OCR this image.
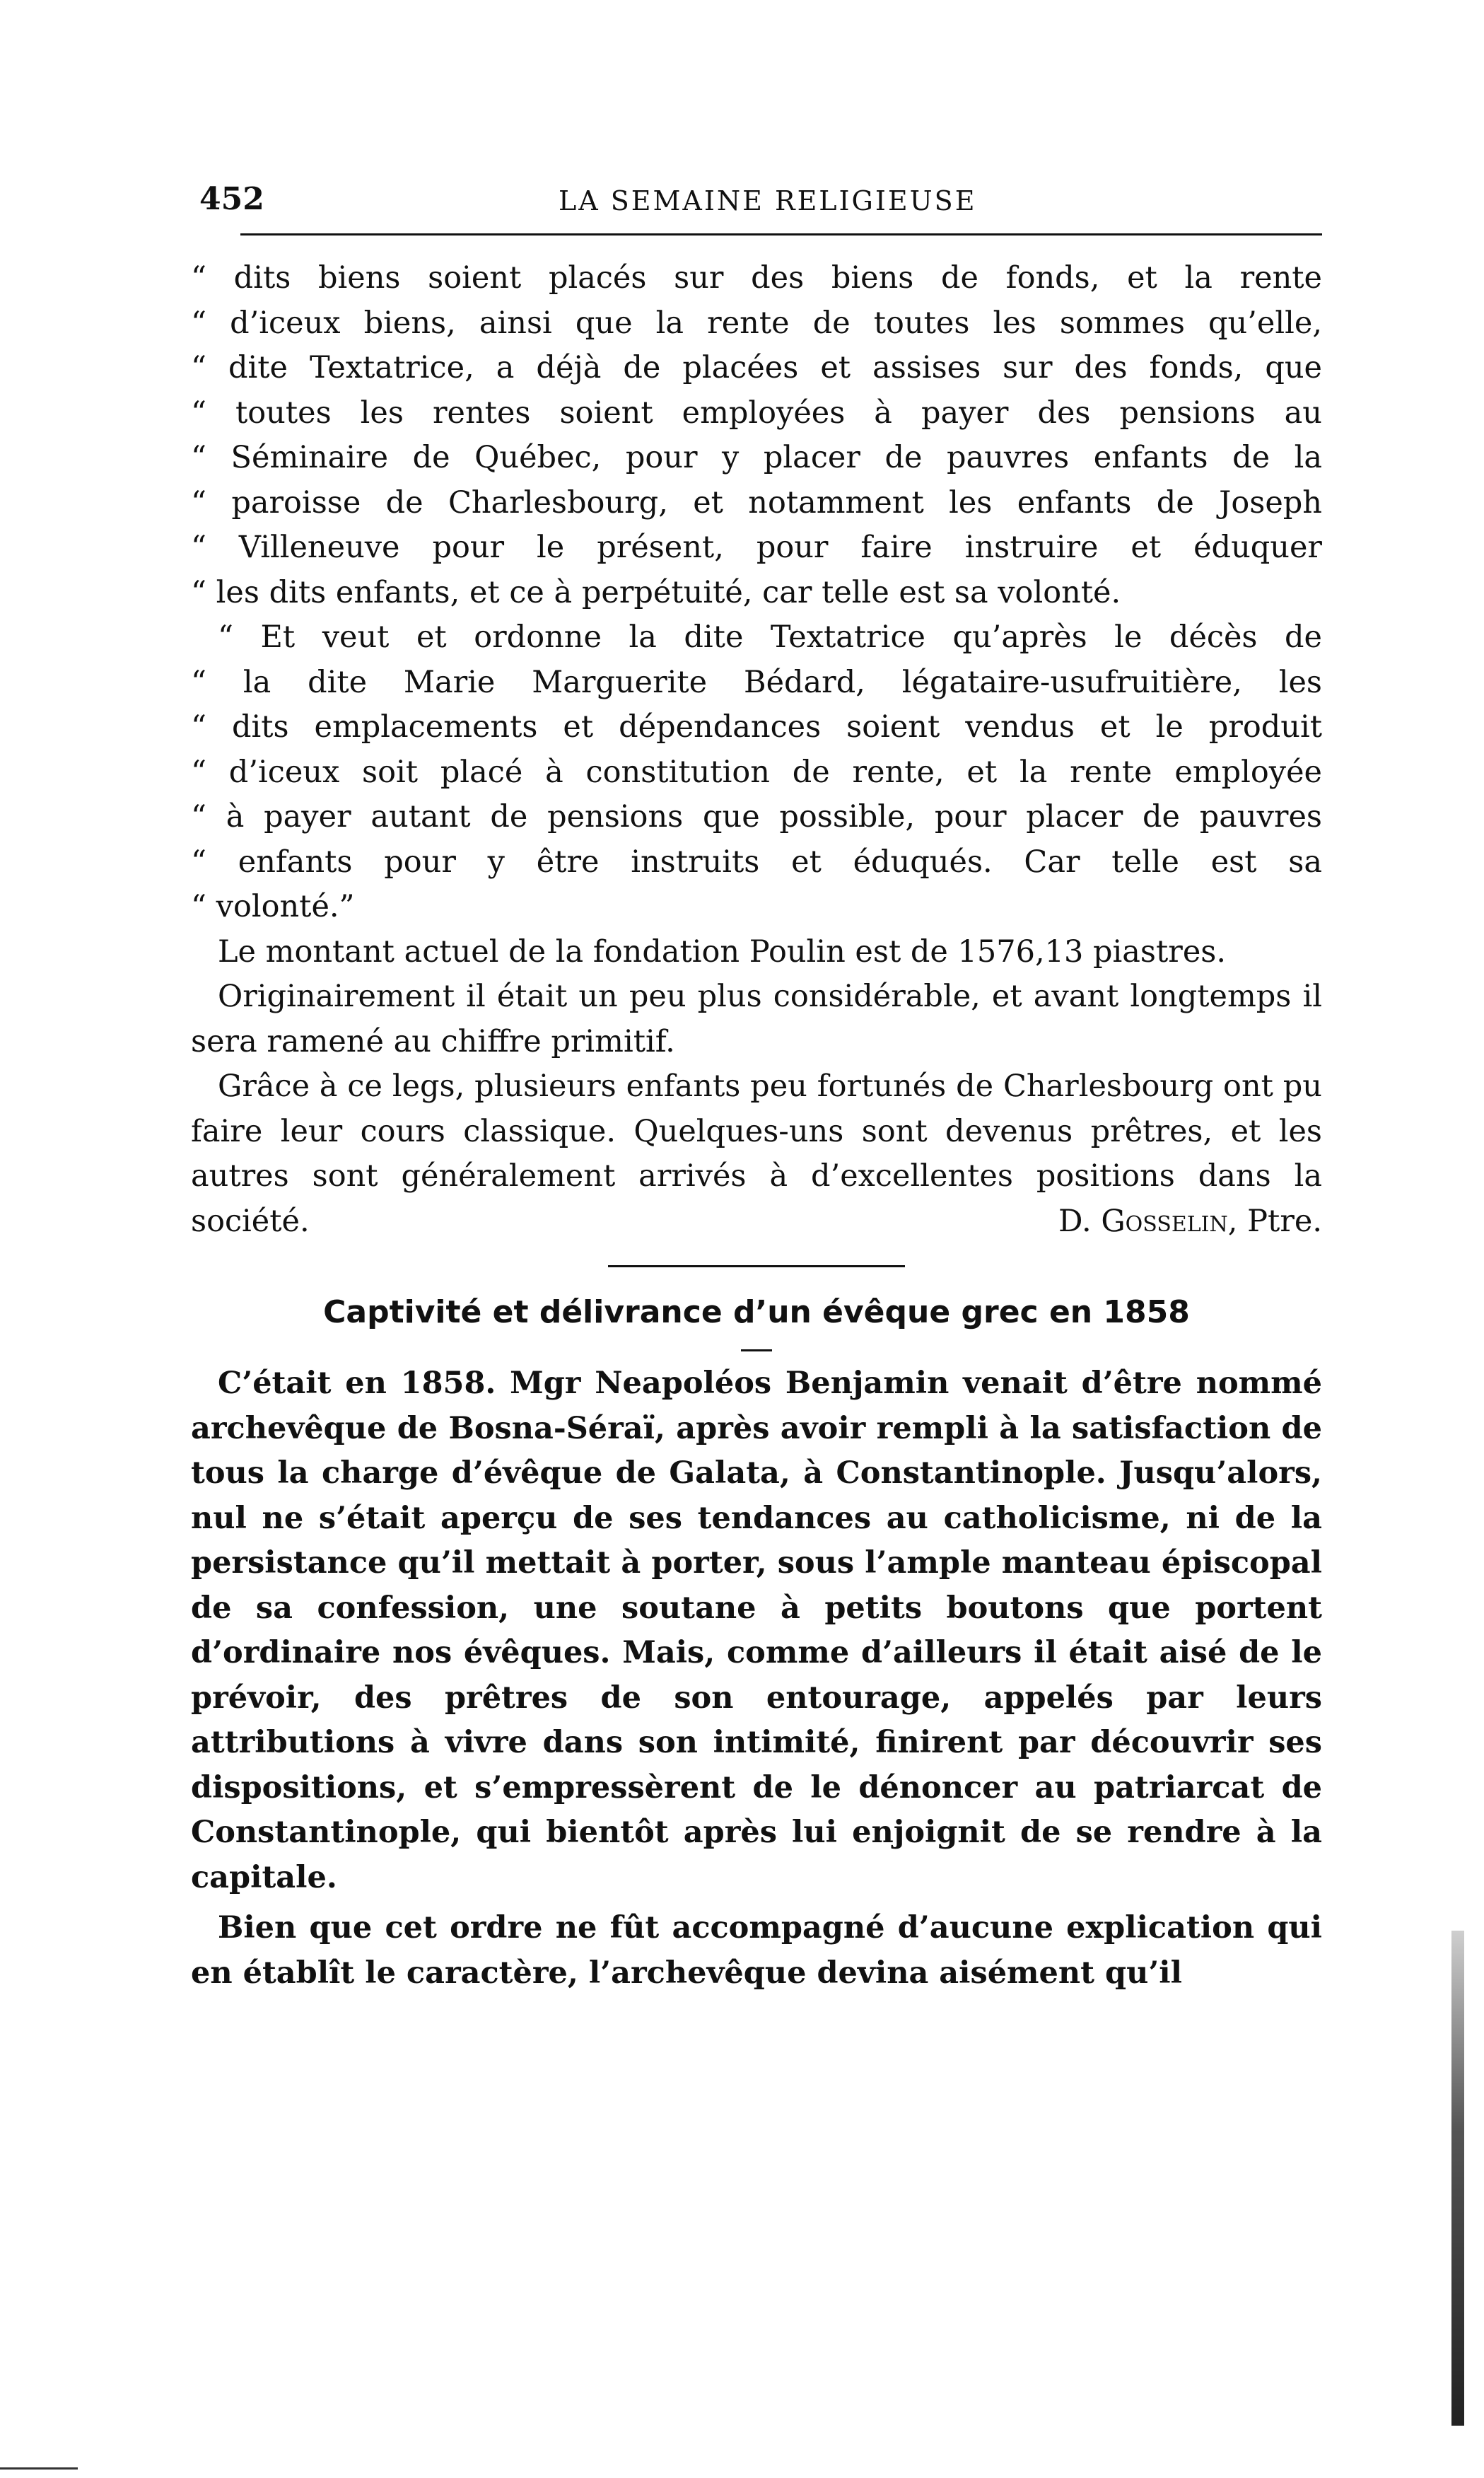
452	LA SEMAINE RELIGIEUSE
“ dits biens soient placés sur des biens de fonds, et la rente
“ d’iceux biens, ainsi que la rente de toutes les sommes qu’elle,
“ dite Textatrice, a déjà de placées et assises sur des fonds, que
“ toutes les rentes soient employées à payer des pensions au
“ Séminaire de Québec, pour y placer de pauvres enfants de la
“ paroisse de Charlesbourg, et notamment les enfants de Joseph
“ Villeneuve pour le présent, pour faire instruire et éduquer
“ les dits enfants, et ce à perpétuité, car telle est sa volonté.
“ Et veut et ordonne la dite Textatrice qu’après le décès de
“ la dite Marie Marguerite Bédard, légataire-usufruitière, les
“ dits emplacements et dépendances soient vendus et le produit
“ d’iceux soit placé à constitution de rente, et la rente employée
“ à payer autant de pensions que possible, pour placer de pauvres
“ enfants pour y être instruits et éduqués. Car telle est sa
“ volonté.”

Le montant actuel de la fondation Poulin est de 1576,13 piastres.

Originairement il était un peu plus considérable, et avant longtemps il sera ramené au chiffre primitif.

Grâce à ce legs, plusieurs enfants peu fortunés de Charlesbourg ont pu faire leur cours classique. Quelques-uns sont devenus prêtres, et les autres sont généralement arrivés à d’excellentes positions dans la société.	D. Gosselin, Ptre.

Captivité et délivrance d’un évêque grec en 1858

C’était en 1858. Mgr Neapoléos Benjamin venait d’être nommé archevêque de Bosna-Séraï, après avoir rempli à la satisfaction de tous la charge d’évêque de Galata, à Constantinople. Jusqu’alors, nul ne s’était aperçu de ses tendances au catholicisme, ni de la persistance qu’il mettait à porter, sous l’ample manteau épiscopal de sa confession, une soutane à petits boutons que portent d’ordinaire nos évêques. Mais, comme d’ailleurs il était aisé de le prévoir, des prêtres de son entourage, appelés par leurs attributions à vivre dans son intimité, finirent par découvrir ses dispositions, et s’empressèrent de le dénoncer au patriarcat de Constantinople, qui bientôt après lui enjoignit de se rendre à la capitale.

Bien que cet ordre ne fût accompagné d’aucune explication qui en établît le caractère, l’archevêque devina aisément qu’il
